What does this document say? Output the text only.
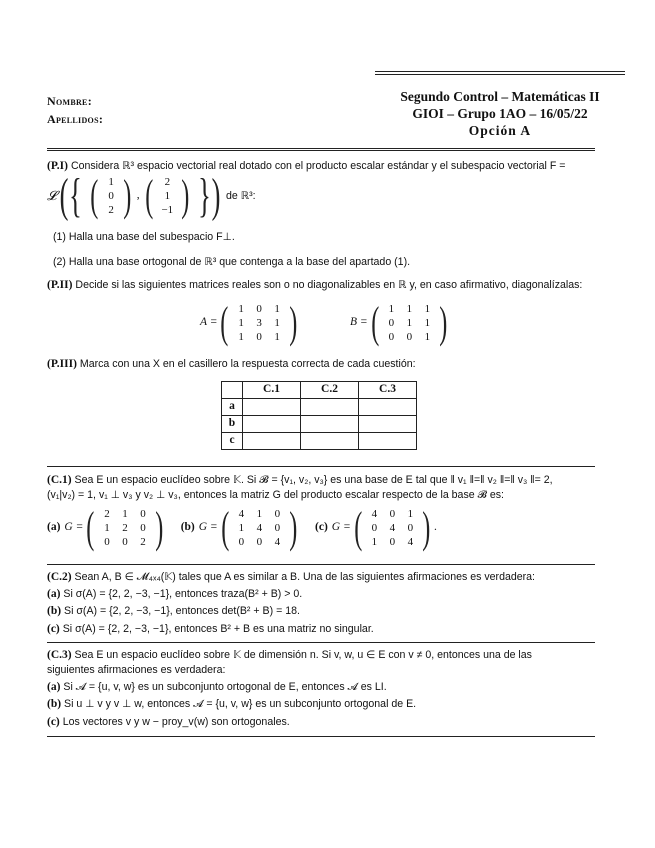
Nombre:
Apellidos:
Segundo Control – Matemáticas II
GIOI – Grupo 1AO – 16/05/22
Opción A
(P.I) Considera ℝ³ espacio vectorial real dotado con el producto escalar estándar y el subespacio vectorial F =
𝓛 ( { ( 1
0
2 ) , (	2
1
−1 ) } ) de ℝ³:
(1) Halla una base del subespacio F⊥.
(2) Halla una base ortogonal de ℝ³ que contenga a la base del apartado (1).
(P.II) Decide si las siguientes matrices reales son o no diagonalizables en ℝ y, en caso afirmativo, diagonalízalas:
A = ( 1	0	1
1	3	1
1	0	1 )	B = ( 1	1	1
0	1	1
0	0	1 )
(P.III) Marca con una X en el casillero la respuesta correcta de cada cuestión:
	C.1	C.2	C.3
a			
b			
c			
(C.1) Sea E un espacio euclídeo sobre 𝕂. Si 𝓑 = {v₁, v₂, v₃} es una base de E tal que ‖ v₁ ‖=‖ v₂ ‖=‖ v₃ ‖= 2,
(v₁|v₂) = 1, v₁ ⊥ v₃ y v₂ ⊥ v₃, entonces la matriz G del producto escalar respecto de la base 𝓑 es:
(a) G = ( 2	1	0
1	2	0
0	0	2 ) (b) G = ( 4	1	0
1	4	0
0	0	4 ) (c) G = ( 4	0	1
0	4	0
1	0	4 ) .
(C.2) Sean A, B ∈ 𝓜₄ₓ₄(𝕂) tales que A es similar a B. Una de las siguientes afirmaciones es verdadera:
(a) Si σ(A) = {2, 2, −3, −1}, entonces traza(B² + B) > 0.
(b) Si σ(A) = {2, 2, −3, −1}, entonces det(B² + B) = 18.
(c) Si σ(A) = {2, 2, −3, −1}, entonces B² + B es una matriz no singular.
(C.3) Sea E un espacio euclídeo sobre 𝕂 de dimensión n. Si v, w, u ∈ E con v ≠ 0, entonces una de las
siguientes afirmaciones es verdadera:
(a) Si 𝓐 = {u, v, w} es un subconjunto ortogonal de E, entonces 𝓐 es LI.
(b) Si u ⊥ v y v ⊥ w, entonces 𝓐 = {u, v, w} es un subconjunto ortogonal de E.
(c) Los vectores v y w − proy_v(w) son ortogonales.
